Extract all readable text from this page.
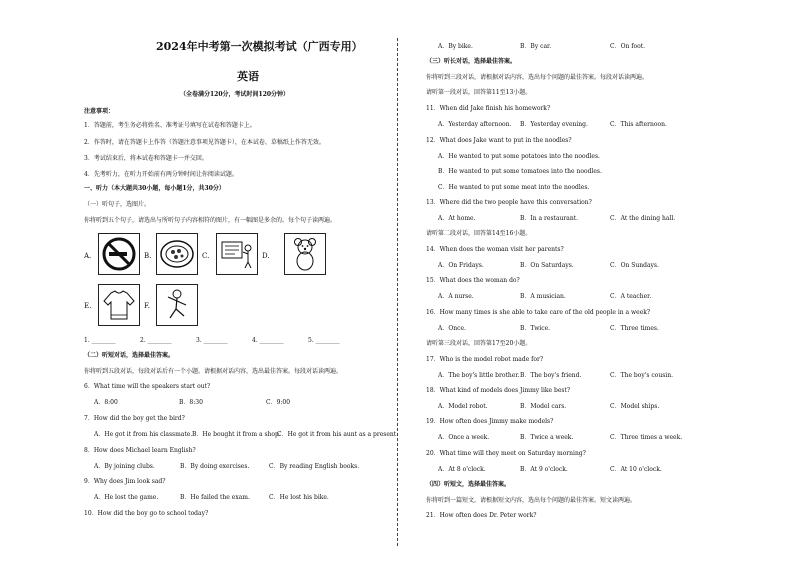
2024年中考第一次模拟考试（广西专用）
英语
（全卷满分120分，考试时间120分钟）
注意事项：
1．答题前，考生务必将姓名、准考证号填写在试卷和答题卡上。
2．作答时，请在答题卡上作答（答题注意事项见答题卡），在本试卷、草稿纸上作答无效。
3．考试结束后，将本试卷和答题卡一并交回。
4．先考听力，在听力开始前有两分钟时间让你阅读试题。
一、听力（本大题共30小题，每小题1分，共30分）
（一）听句子，选图片。
你将听到五个句子，请选出与所听句子内容相符的图片，有一幅图是多余的。每个句子读两遍。
A.	B.	C.	D.
E.	F.
1. ________	2. ________	3. ________	4. ________	5. ________
（二）听短对话，选择最佳答案。
你将听到五段对话，每段对话后有一个小题。请根据对话内容，选出最佳答案。每段对话读两遍。
6．What time will the speakers start out?
A．8:00	B．8:30	C．9:00
7．How did the boy get the bird?
A．He got it from his classmate. B．He bought it from a shop.
C．He got it from his aunt as a present.
8．How does Michael learn English?
A．By joining clubs.	B．By doing exercises.	C．By reading English books.
9．Why does Jim look sad?
A．He lost the game.	B．He failed the exam.	C．He lost his bike.
10．How did the boy go to school today?
A．By bike.	B．By car.	C．On foot.
（三）听长对话，选择最佳答案。
你将听到三段对话，请根据对话内容，选出每个问题的最佳答案。每段对话读两遍。
请听第一段对话，回答第11至13小题。
11．When did Jake finish his homework?
A．Yesterday afternoon. B．Yesterday evening.	C．This afternoon.
12．What does Jake want to put in the noodles?
A．He wanted to put some potatoes into the noodles.
B．He wanted to put some tomatoes into the noodles.
C．He wanted to put some meat into the noodles.
13．Where did the two people have this conversation?
A．At home.	B．In a restaurant.	C．At the dining hall.
请听第二段对话，回答第14至16小题。
14．When does the woman visit her parents?
A．On Fridays.	B．On Saturdays.	C．On Sundays.
15．What does the woman do?
A．A nurse.	B．A musician.	C．A teacher.
16．How many times is she able to take care of the old people in a week?
A．Once.	B．Twice.	C．Three times.
请听第三段对话，回答第17至20小题。
17．Who is the model robot made for?
A．The boy's little brother. B．The boy's friend.	C．The boy's cousin.
18．What kind of models does Jimmy like best?
A．Model robot.	B．Model cars.	C．Model ships.
19．How often does Jimmy make models?
A．Once a week.	B．Twice a week.	C．Three times a week.
20．What time will they meet on Saturday morning?
A．At 8 o'clock.	B．At 9 o'clock.	C．At 10 o'clock.
（四）听短文，选择最佳答案。
你将听到一篇短文，请根据短文内容，选出每个问题的最佳答案。短文读两遍。
21．How often does Dr. Peter work?
